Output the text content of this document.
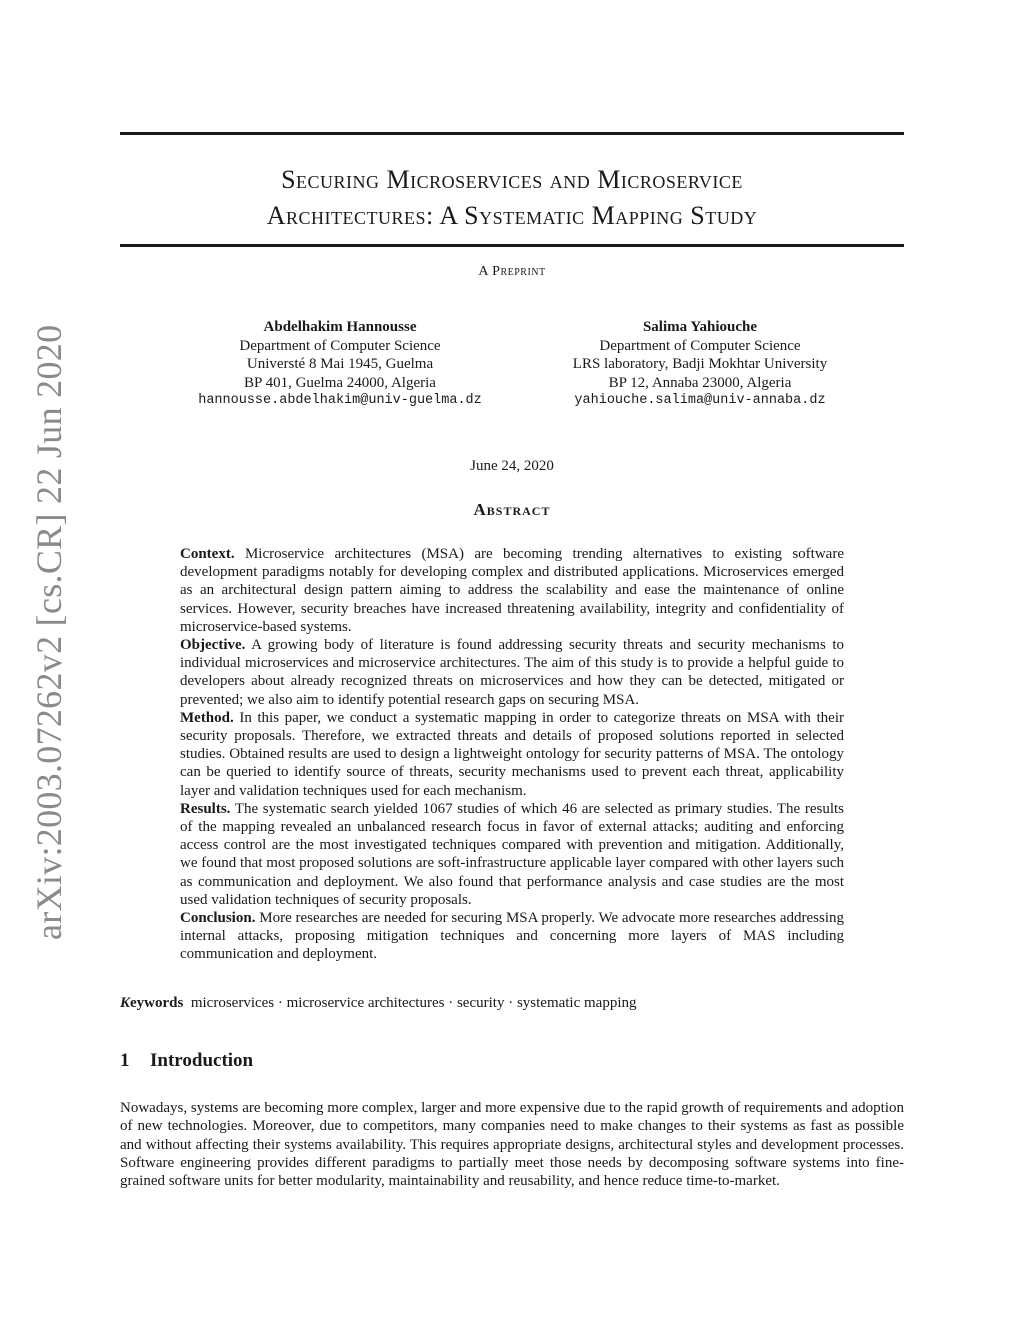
arXiv:2003.07262v2 [cs.CR] 22 Jun 2020
Securing Microservices and Microservice
Architectures: A Systematic Mapping Study
A Preprint
Abdelhakim Hannousse
Department of Computer Science
Universté 8 Mai 1945, Guelma
BP 401, Guelma 24000, Algeria
hannousse.abdelhakim@univ-guelma.dz
Salima Yahiouche
Department of Computer Science
LRS laboratory, Badji Mokhtar University
BP 12, Annaba 23000, Algeria
yahiouche.salima@univ-annaba.dz
June 24, 2020
Abstract

Context. Microservice architectures (MSA) are becoming trending alternatives to existing software development paradigms notably for developing complex and distributed applications. Microservices emerged as an architectural design pattern aiming to address the scalability and ease the maintenance of online services. However, security breaches have increased threatening availability, integrity and confidentiality of microservice-based systems.

Objective. A growing body of literature is found addressing security threats and security mechanisms to individual microservices and microservice architectures. The aim of this study is to provide a helpful guide to developers about already recognized threats on microservices and how they can be detected, mitigated or prevented; we also aim to identify potential research gaps on securing MSA.

Method. In this paper, we conduct a systematic mapping in order to categorize threats on MSA with their security proposals. Therefore, we extracted threats and details of proposed solutions reported in selected studies. Obtained results are used to design a lightweight ontology for security patterns of MSA. The ontology can be queried to identify source of threats, security mechanisms used to prevent each threat, applicability layer and validation techniques used for each mechanism.

Results. The systematic search yielded 1067 studies of which 46 are selected as primary studies. The results of the mapping revealed an unbalanced research focus in favor of external attacks; auditing and enforcing access control are the most investigated techniques compared with prevention and mitigation. Additionally, we found that most proposed solutions are soft-infrastructure applicable layer compared with other layers such as communication and deployment. We also found that performance analysis and case studies are the most used validation techniques of security proposals.

Conclusion. More researches are needed for securing MSA properly. We advocate more researches addressing internal attacks, proposing mitigation techniques and concerning more layers of MAS including communication and deployment.

Keywords microservices · microservice architectures · security · systematic mapping
1 Introduction

Nowadays, systems are becoming more complex, larger and more expensive due to the rapid growth of requirements and adoption of new technologies. Moreover, due to competitors, many companies need to make changes to their systems as fast as possible and without affecting their systems availability. This requires appropriate designs, architectural styles and development processes. Software engineering provides different paradigms to partially meet those needs by decomposing software systems into fine-grained software units for better modularity, maintainability and reusability, and hence reduce time-to-market.
